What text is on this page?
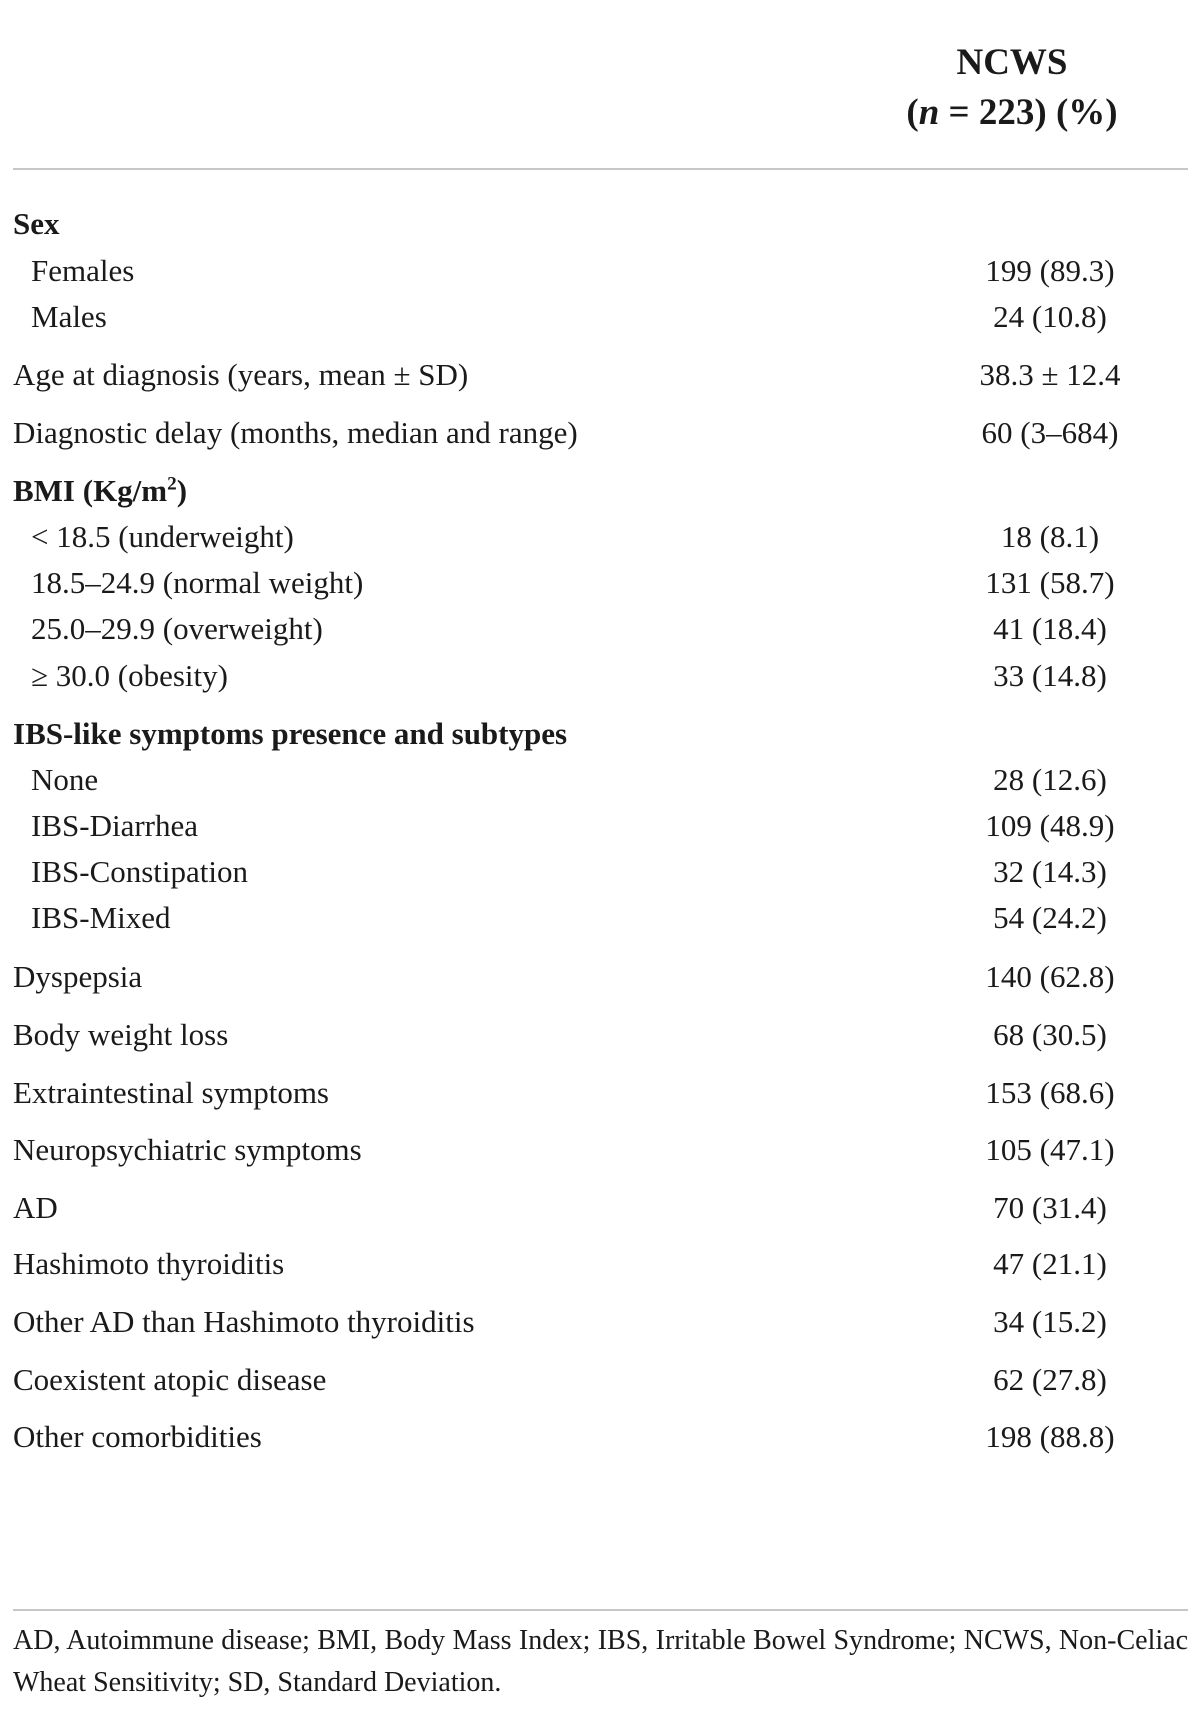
NCWS
(n = 223) (%)
Sex
Females	199 (89.3)
Males	24 (10.8)
Age at diagnosis (years, mean ± SD)	38.3 ± 12.4
Diagnostic delay (months, median and range)	60 (3–684)
BMI $(Kg/m^2)$
< 18.5 (underweight)	18 (8.1)
18.5–24.9 (normal weight)	131 (58.7)
25.0–29.9 (overweight)	41 (18.4)
≥ 30.0 (obesity)	33 (14.8)
IBS-like symptoms presence and subtypes
None	28 (12.6)
IBS-Diarrhea	109 (48.9)
IBS-Constipation	32 (14.3)
IBS-Mixed	54 (24.2)
Dyspepsia	140 (62.8)
Body weight loss	68 (30.5)
Extraintestinal symptoms	153 (68.6)
Neuropsychiatric symptoms	105 (47.1)
AD	70 (31.4)
Hashimoto thyroiditis	47 (21.1)
Other AD than Hashimoto thyroiditis	34 (15.2)
Coexistent atopic disease	62 (27.8)
Other comorbidities	198 (88.8)
AD, Autoimmune disease; BMI, Body Mass Index; IBS, Irritable Bowel Syndrome; NCWS, Non-Celiac Wheat Sensitivity; SD, Standard Deviation.
